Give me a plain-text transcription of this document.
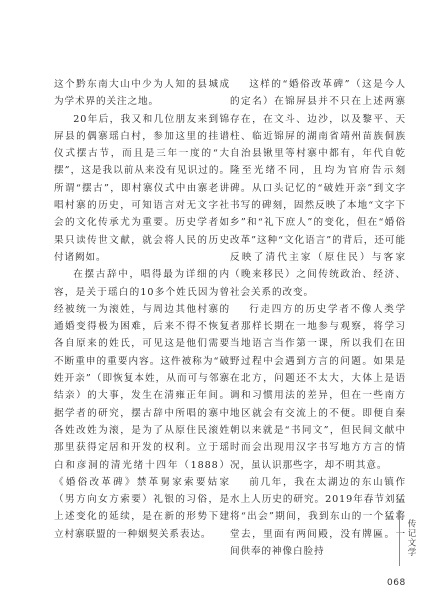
这个黔东南大山中少为人知的县城成为学术界的关注之地。

20年后，我又和几位朋友来到锦屏县的偶寨瑶白村，参加这里的挂谱仪式摆古节，而且是三年一度的“大摆”，这是我以前从来没有见识过的。所谓“摆古”，即村寨仪式中由寨老讲唱村寨的历史，可知语言对无文字社会的文化传承尤为重要。历史学者如果只读传世文献，就会将人民的历史付诸阙如。

在摆古辞中，唱得最为详细的内容，是关于瑶白的10多个姓氏因为曾经被统一为滚姓，与周边其他村寨的通婚变得极为困难，后来不得不恢复各自原来的姓氏，可见这是他们需要不断重申的重要内容。这件被称为“破姓开亲”（即恢复本姓，从而可与邻寨结亲）的大事，发生在清雍正年间。据学者的研究，摆古辞中所唱的寨中各姓改姓为滚，是为了从原住民滚姓那里获得定居和开发的权利。立于瑶白和彦洞的清光绪十四年（1888）《婚俗改革碑》禁革舅家索要姑家（男方向女方索要）礼银的习俗，是上述变化的延续，是在新的形势下建立村寨联盟的一种姻契关系表达。

这样的“婚俗改革碑”（这是今人的定名）在锦屏县并不只在上述两寨存在，在文斗、边沙，以及黎平、天柱、临近锦屏的湖南省靖州苗族侗族自治县锹里等村寨中都有，年代自乾隆至光绪不同，且均为官府告示刻碑。从口头记忆的“破姓开亲”到文字书写的碑刻，固然反映了本地“文字下乡”和“礼下庶人”的变化，但在“婚俗改革”这种“文化语言”的背后，还可能反映了清代主家（原住民）与客家（晚来移民）之间传统政治、经济、社会关系的改变。

行走四方的历史学者不像人类学者那样长期在一地参与观察，将学习当地语言当作第一课，所以我们在田野过程中会遇到方言的问题。如果是在北方，问题还不太大，大体上是语调和习惯用法的差异，但在一些南方地区就会有交流上的不便。即便自秦朝以来就是“书同文”，但民间文献中时而会出现用汉字书写地方方言的情况，虽认识那些字，却不明其意。

前几年，我在太湖边的东山镇作水上人历史的研究。2019年春节刘猛将“出会”期间，我到东山的一个猛将堂去，里面有两间殿，没有牌匾。一间供奉的神像白脸持	传记文学
068
